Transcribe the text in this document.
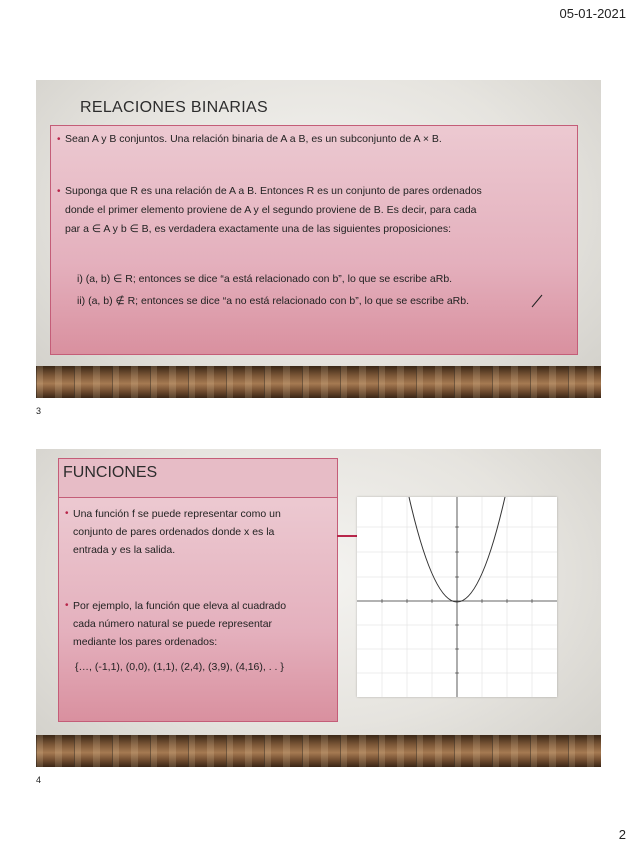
05-01-2021
RELACIONES BINARIAS
• Sean A y B conjuntos. Una relación binaria de A a B, es un subconjunto de A × B.
• Suponga que R es una relación de A a B. Entonces R es un conjunto de pares ordenados
donde el primer elemento proviene de A y el segundo proviene de B. Es decir, para cada
par a ∈ A y b ∈ B, es verdadera exactamente una de las siguientes proposiciones:
i) (a, b) ∈ R; entonces se dice “a está relacionado con b”, lo que se escribe aRb.
ii) (a, b) ∉ R; entonces se dice “a no está relacionado con b”, lo que se escribe aRb.
3
FUNCIONES
• Una función f se puede representar como un
conjunto de pares ordenados donde x es la
entrada y es la salida.
• Por ejemplo, la función que eleva al cuadrado
cada número natural se puede representar
mediante los pares ordenados:
{…, (-1,1), (0,0), (1,1), (2,4), (3,9), (4,16), . . }
4
2
